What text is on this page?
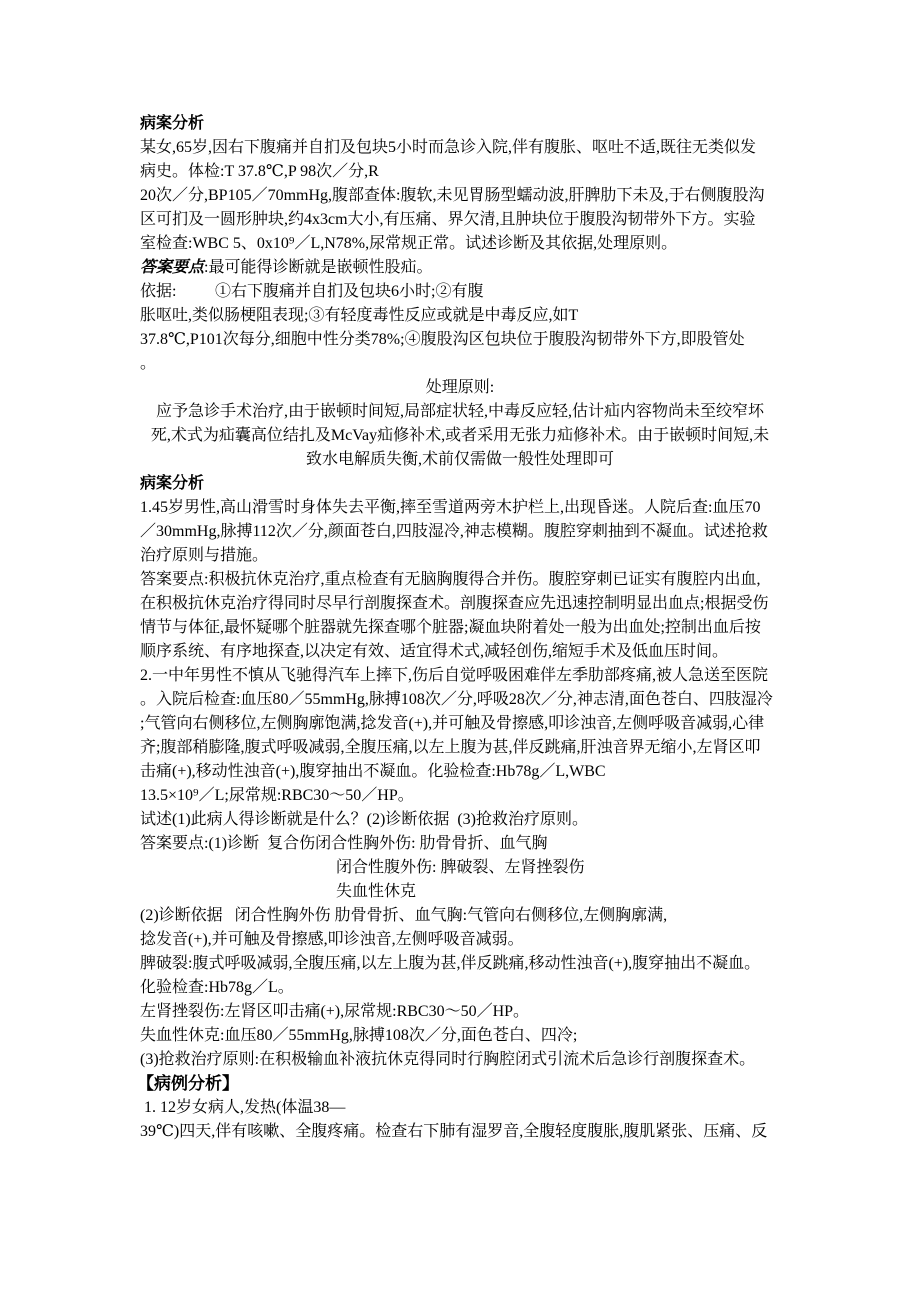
病案分析
某女,65岁,因右下腹痛并自扪及包块5小时而急诊入院,伴有腹胀、呕吐不适,既往无类似发
病史。体检:T 37.8℃,P 98次／分,R
20次／分,BP105／70mmHg,腹部查体:腹软,未见胃肠型蠕动波,肝脾肋下未及,于右侧腹股沟
区可扪及一圆形肿块,约4x3cm大小,有压痛、界欠清,且肿块位于腹股沟韧带外下方。实验
室检查:WBC 5、0x10⁹／L,N78%,尿常规正常。试述诊断及其依据,处理原则。
答案要点:最可能得诊断就是嵌顿性股疝。
依据: ①右下腹痛并自扪及包块6小时;②有腹
胀呕吐,类似肠梗阻表现;③有轻度毒性反应或就是中毒反应,如T
37.8℃,P101次每分,细胞中性分类78%;④腹股沟区包块位于腹股沟韧带外下方,即股管处
。
处理原则:
应予急诊手术治疗,由于嵌顿时间短,局部症状轻,中毒反应轻,估计疝内容物尚未至绞窄坏
死,术式为疝囊高位结扎及McVay疝修补术,或者采用无张力疝修补术。由于嵌顿时间短,未
致水电解质失衡,术前仅需做一般性处理即可
病案分析
1.45岁男性,高山滑雪时身体失去平衡,摔至雪道两旁木护栏上,出现昏迷。人院后查:血压70
／30mmHg,脉搏112次／分,颜面苍白,四肢湿冷,神志模糊。腹腔穿刺抽到不凝血。试述抢救
治疗原则与措施。
答案要点:积极抗休克治疗,重点检查有无脑胸腹得合并伤。腹腔穿刺已证实有腹腔内出血,
在积极抗休克治疗得同时尽早行剖腹探查术。剖腹探查应先迅速控制明显出血点;根据受伤
情节与体征,最怀疑哪个脏器就先探查哪个脏器;凝血块附着处一般为出血处;控制出血后按
顺序系统、有序地探查,以决定有效、适宜得术式,减轻创伤,缩短手术及低血压时间。
2.一中年男性不慎从飞驰得汽车上摔下,伤后自觉呼吸困难伴左季肋部疼痛,被人急送至医院
。入院后检查:血压80／55mmHg,脉搏108次／分,呼吸28次／分,神志清,面色苍白、四肢湿冷
;气管向右侧移位,左侧胸廓饱满,捻发音(+),并可触及骨擦感,叩诊浊音,左侧呼吸音减弱,心律
齐;腹部稍膨隆,腹式呼吸减弱,全腹压痛,以左上腹为甚,伴反跳痛,肝浊音界无缩小,左肾区叩
击痛(+),移动性浊音(+),腹穿抽出不凝血。化验检查:Hb78g／L,WBC
13.5×10⁹／L;尿常规:RBC30～50／HP。
试述(1)此病人得诊断就是什么？(2)诊断依据  (3)抢救治疗原则。
答案要点:(1)诊断  复合伤闭合性胸外伤: 肋骨骨折、血气胸
闭合性腹外伤: 脾破裂、左肾挫裂伤
失血性休克
(2)诊断依据   闭合性胸外伤 肋骨骨折、血气胸:气管向右侧移位,左侧胸廓满,
捻发音(+),并可触及骨擦感,叩诊浊音,左侧呼吸音减弱。
脾破裂:腹式呼吸减弱,全腹压痛,以左上腹为甚,伴反跳痛,移动性浊音(+),腹穿抽出不凝血。
化验检查:Hb78g／L。
左肾挫裂伤:左肾区叩击痛(+),尿常规:RBC30～50／HP。
失血性休克:血压80／55mmHg,脉搏108次／分,面色苍白、四冷;
(3)抢救治疗原则:在积极输血补液抗休克得同时行胸腔闭式引流术后急诊行剖腹探查术。
【病例分析】
1. 12岁女病人,发热(体温38—
39℃)四天,伴有咳嗽、全腹疼痛。检查右下肺有湿罗音,全腹轻度腹胀,腹肌紧张、压痛、反
